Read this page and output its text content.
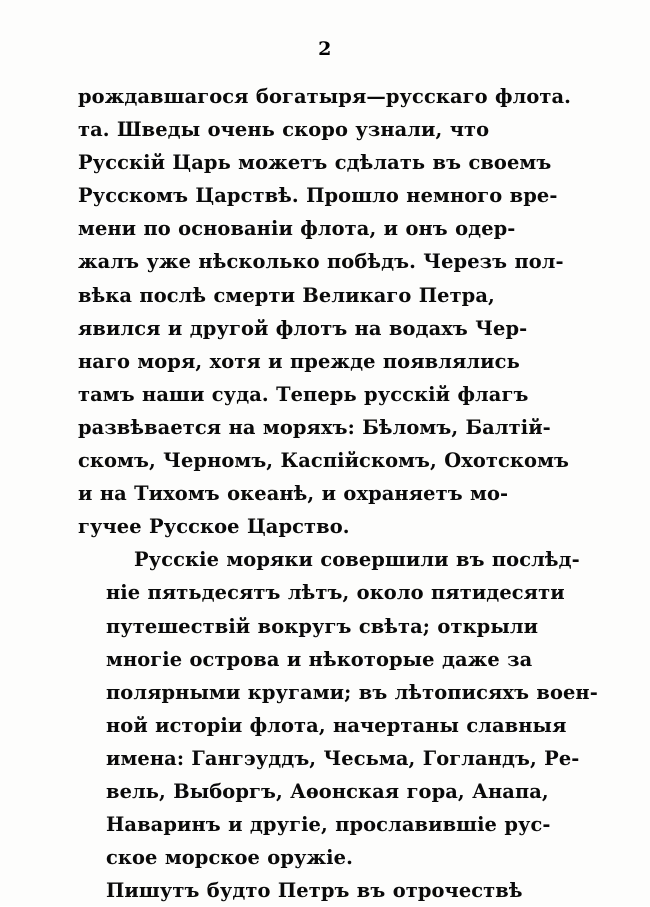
2

рождавшагося богатыря—русскаго флота.
та. Шведы очень скоро узнали, что
Русскiй Царь можетъ сдѣлать въ своемъ
Русскомъ Царствѣ. Прошло немного вре-
мени по основанiи флота, и онъ одер-
жалъ уже нѣсколько побѣдъ. Черезъ пол-
вѣка послѣ смерти Великаго Петра,
явился и другой флотъ на водахъ Чер-
наго моря, хотя и прежде появлялись
тамъ наши суда. Теперь русскiй флагъ
развѣвается на моряхъ: Бѣломъ, Балтiй-
скомъ, Черномъ, Каспiйскомъ, Охотскомъ
и на Тихомъ океанѣ, и охраняетъ мо-
гучее Русское Царство.

Русскiе моряки совершили въ послѣд-
нiе пятьдесятъ лѣтъ, около пятидесяти
путешествiй вокругъ свѣта; открыли
многiе острова и нѣкоторые даже за
полярными кругами; въ лѣтописяхъ воен-
ной исторiи флота, начертаны славныя
имена: Гангэуддъ, Чесьма, Гогландъ, Ре-
вель, Выборгъ, Аѳонская гора, Анапа,
Наваринъ и другiе, прославившiе рус-
ское морское оружiе.

Пишутъ будто Петръ въ отрочествѣ
